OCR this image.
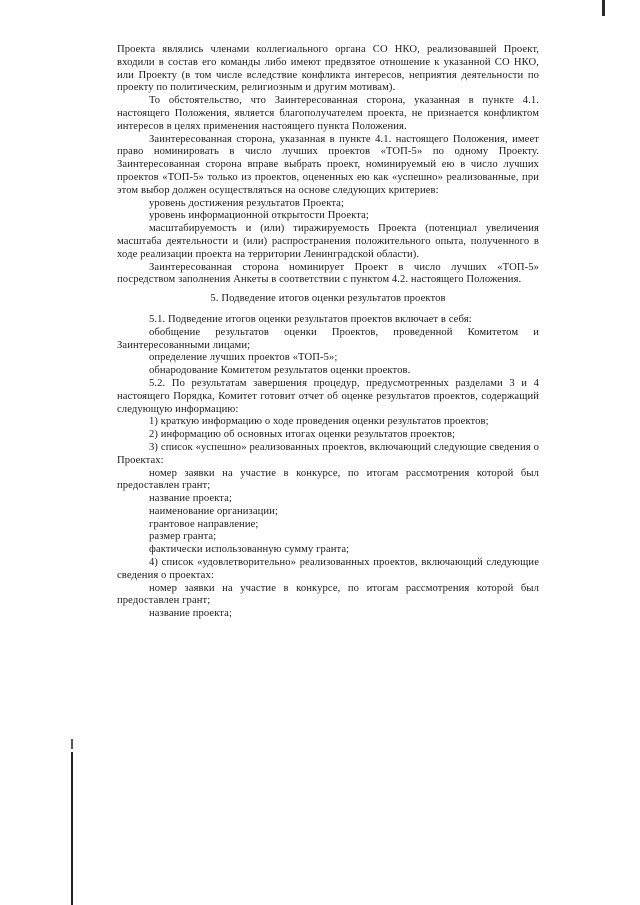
Проекта являлись членами коллегиального органа СО НКО, реализовавшей Проект, входили в состав его команды либо имеют предвзятое отношение к указанной СО НКО, или Проекту (в том числе вследствие конфликта интересов, неприятия деятельности по проекту по политическим, религиозным и другим мотивам).

То обстоятельство, что Заинтересованная сторона, указанная в пункте 4.1. настоящего Положения, является благополучателем проекта, не признается конфликтом интересов в целях применения настоящего пункта Положения.

Заинтересованная сторона, указанная в пункте 4.1. настоящего Положения, имеет право номинировать в число лучших проектов «ТОП-5» по одному Проекту. Заинтересованная сторона вправе выбрать проект, номинируемый ею в число лучших проектов «ТОП-5» только из проектов, оцененных ею как «успешно» реализованные, при этом выбор должен осуществляться на основе следующих критериев:

уровень достижения результатов Проекта;

уровень информационной открытости Проекта;

масштабируемость и (или) тиражируемость Проекта (потенциал увеличения масштаба деятельности и (или) распространения положительного опыта, полученного в ходе реализации проекта на территории Ленинградской области).

Заинтересованная сторона номинирует Проект в число лучших «ТОП-5» посредством заполнения Анкеты в соответствии с пунктом 4.2. настоящего Положения.

5. Подведение итогов оценки результатов проектов

5.1. Подведение итогов оценки результатов проектов включает в себя:

обобщение результатов оценки Проектов, проведенной Комитетом и Заинтересованными лицами;

определение лучших проектов «ТОП-5»;

обнародование Комитетом результатов оценки проектов.

5.2. По результатам завершения процедур, предусмотренных разделами 3 и 4 настоящего Порядка, Комитет готовит отчет об оценке результатов проектов, содержащий следующую информацию:

1) краткую информацию о ходе проведения оценки результатов проектов;

2) информацию об основных итогах оценки результатов проектов;

3) список «успешно» реализованных проектов, включающий следующие сведения о Проектах:

номер заявки на участие в конкурсе, по итогам рассмотрения которой был предоставлен грант;

название проекта;

наименование организации;

грантовое направление;

размер гранта;

фактически использованную сумму гранта;

4) список «удовлетворительно» реализованных проектов, включающий следующие сведения о проектах:

номер заявки на участие в конкурсе, по итогам рассмотрения которой был предоставлен грант;

название проекта;
